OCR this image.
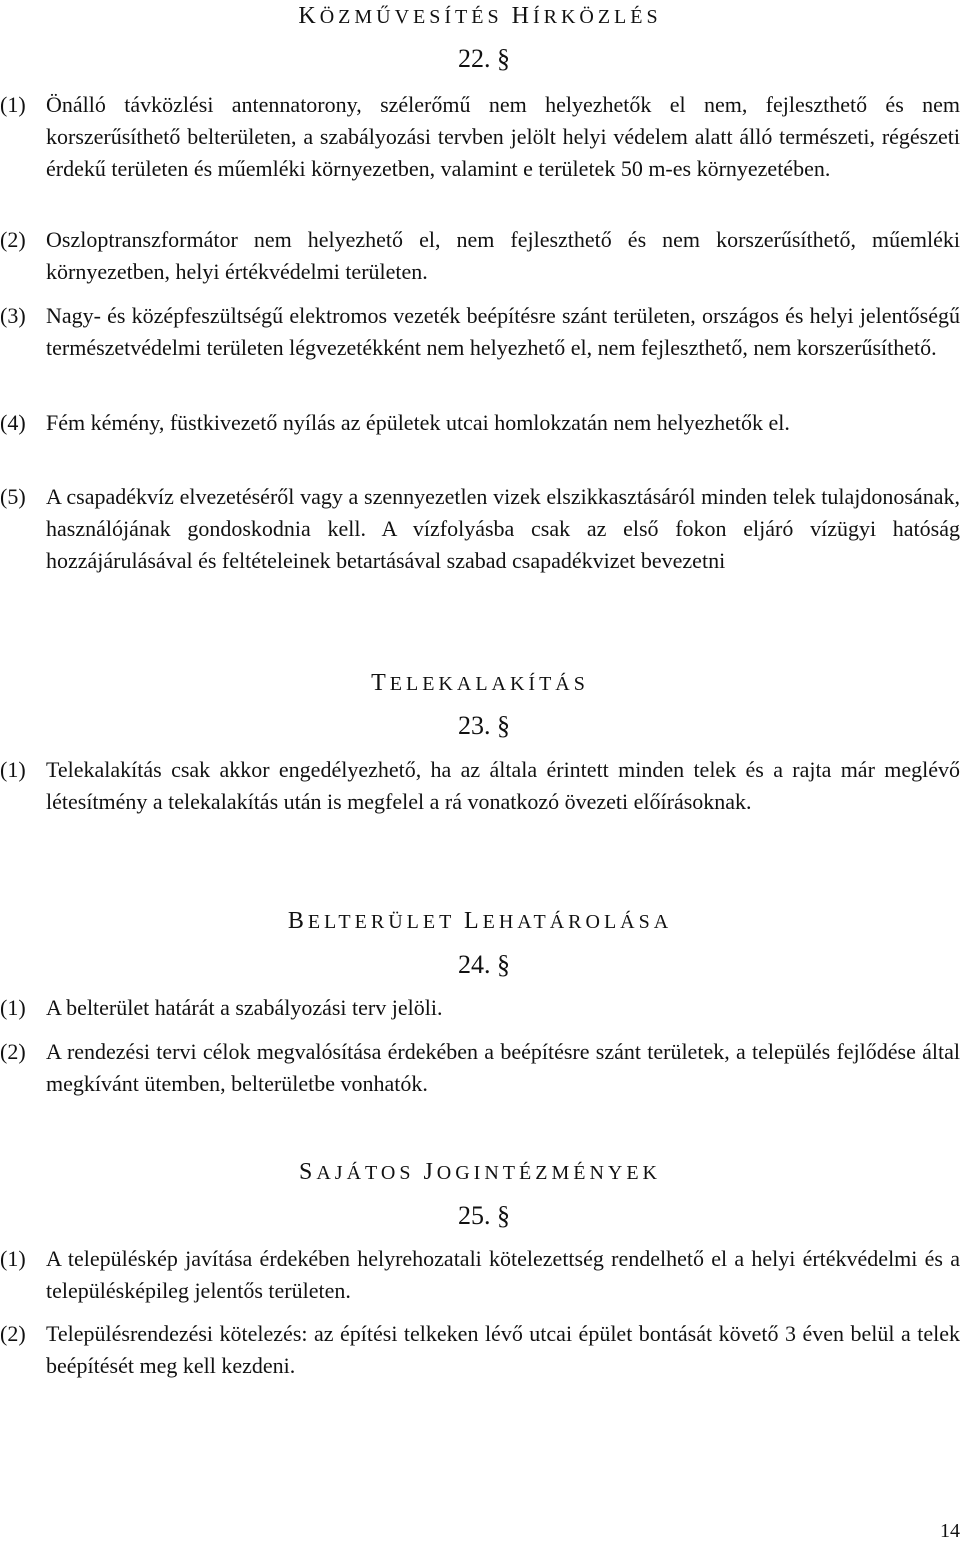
KÖZMŰVESÍTÉS HÍRKÖZLÉS
22. §
(1) Önálló távközlési antennatorony, szélerőmű nem helyezhetők el nem, fejleszthető és nem korszerűsíthető belterületen, a szabályozási tervben jelölt helyi védelem alatt álló természeti, régészeti érdekű területen és műemléki környezetben, valamint e területek 50 m-es környezetében.
(2) Oszloptranszformátor nem helyezhető el, nem fejleszthető és nem korszerűsíthető, műemléki környezetben, helyi értékvédelmi területen.
(3) Nagy- és középfeszültségű elektromos vezeték beépítésre szánt területen, országos és helyi jelentőségű természetvédelmi területen légvezetékként nem helyezhető el, nem fejleszthető, nem korszerűsíthető.
(4) Fém kémény, füstkivezető nyílás az épületek utcai homlokzatán nem helyezhetők el.
(5) A csapadékvíz elvezetéséről vagy a szennyezetlen vizek elszikkasztásáról minden telek tulajdonosának, használójának gondoskodnia kell. A vízfolyásba csak az első fokon eljáró vízügyi hatóság hozzájárulásával és feltételeinek betartásával szabad csapadékvizet bevezetni
TELEKALAKÍTÁS
23. §
(1) Telekalakítás csak akkor engedélyezhető, ha az általa érintett minden telek és a rajta már meglévő létesítmény a telekalakítás után is megfelel a rá vonatkozó övezeti előírásoknak.
BELTERÜLET LEHATÁROLÁSA
24. §
(1) A belterület határát a szabályozási terv jelöli.
(2) A rendezési tervi célok megvalósítása érdekében a beépítésre szánt területek, a település fejlődése által megkívánt ütemben, belterületbe vonhatók.
SAJÁTOS JOGINTÉZMÉNYEK
25. §
(1) A településkép javítása érdekében helyrehozatali kötelezettség rendelhető el a helyi értékvédelmi és a településképileg jelentős területen.
(2) Településrendezési kötelezés: az építési telkeken lévő utcai épület bontását követő 3 éven belül a telek beépítését meg kell kezdeni.
14
